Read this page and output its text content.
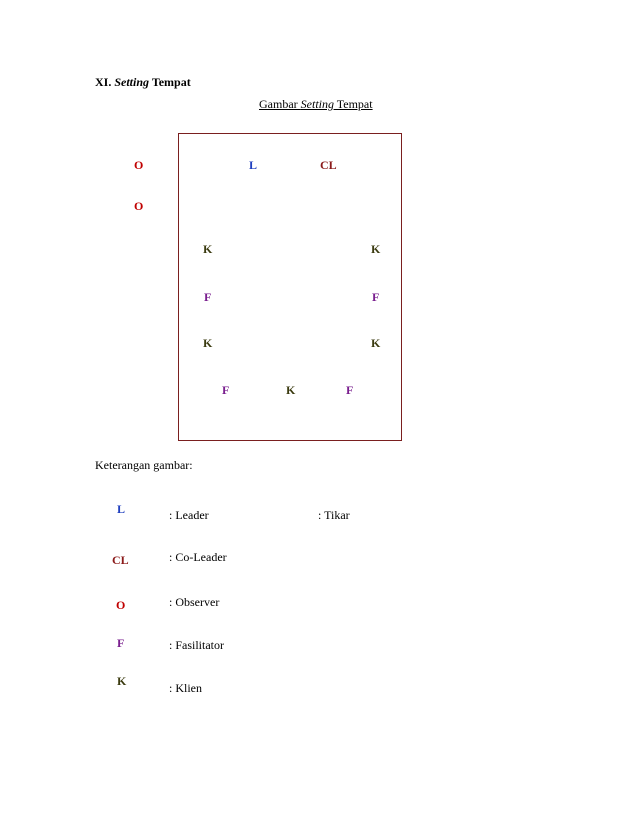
XI. Setting Tempat
Gambar Setting Tempat
O
O
L	CL
K	K
F	F
K	K
F	K	F
Keterangan gambar:
L	: Leader	: Tikar
CL	: Co-Leader
O	: Observer
F	: Fasilitator
K	: Klien
